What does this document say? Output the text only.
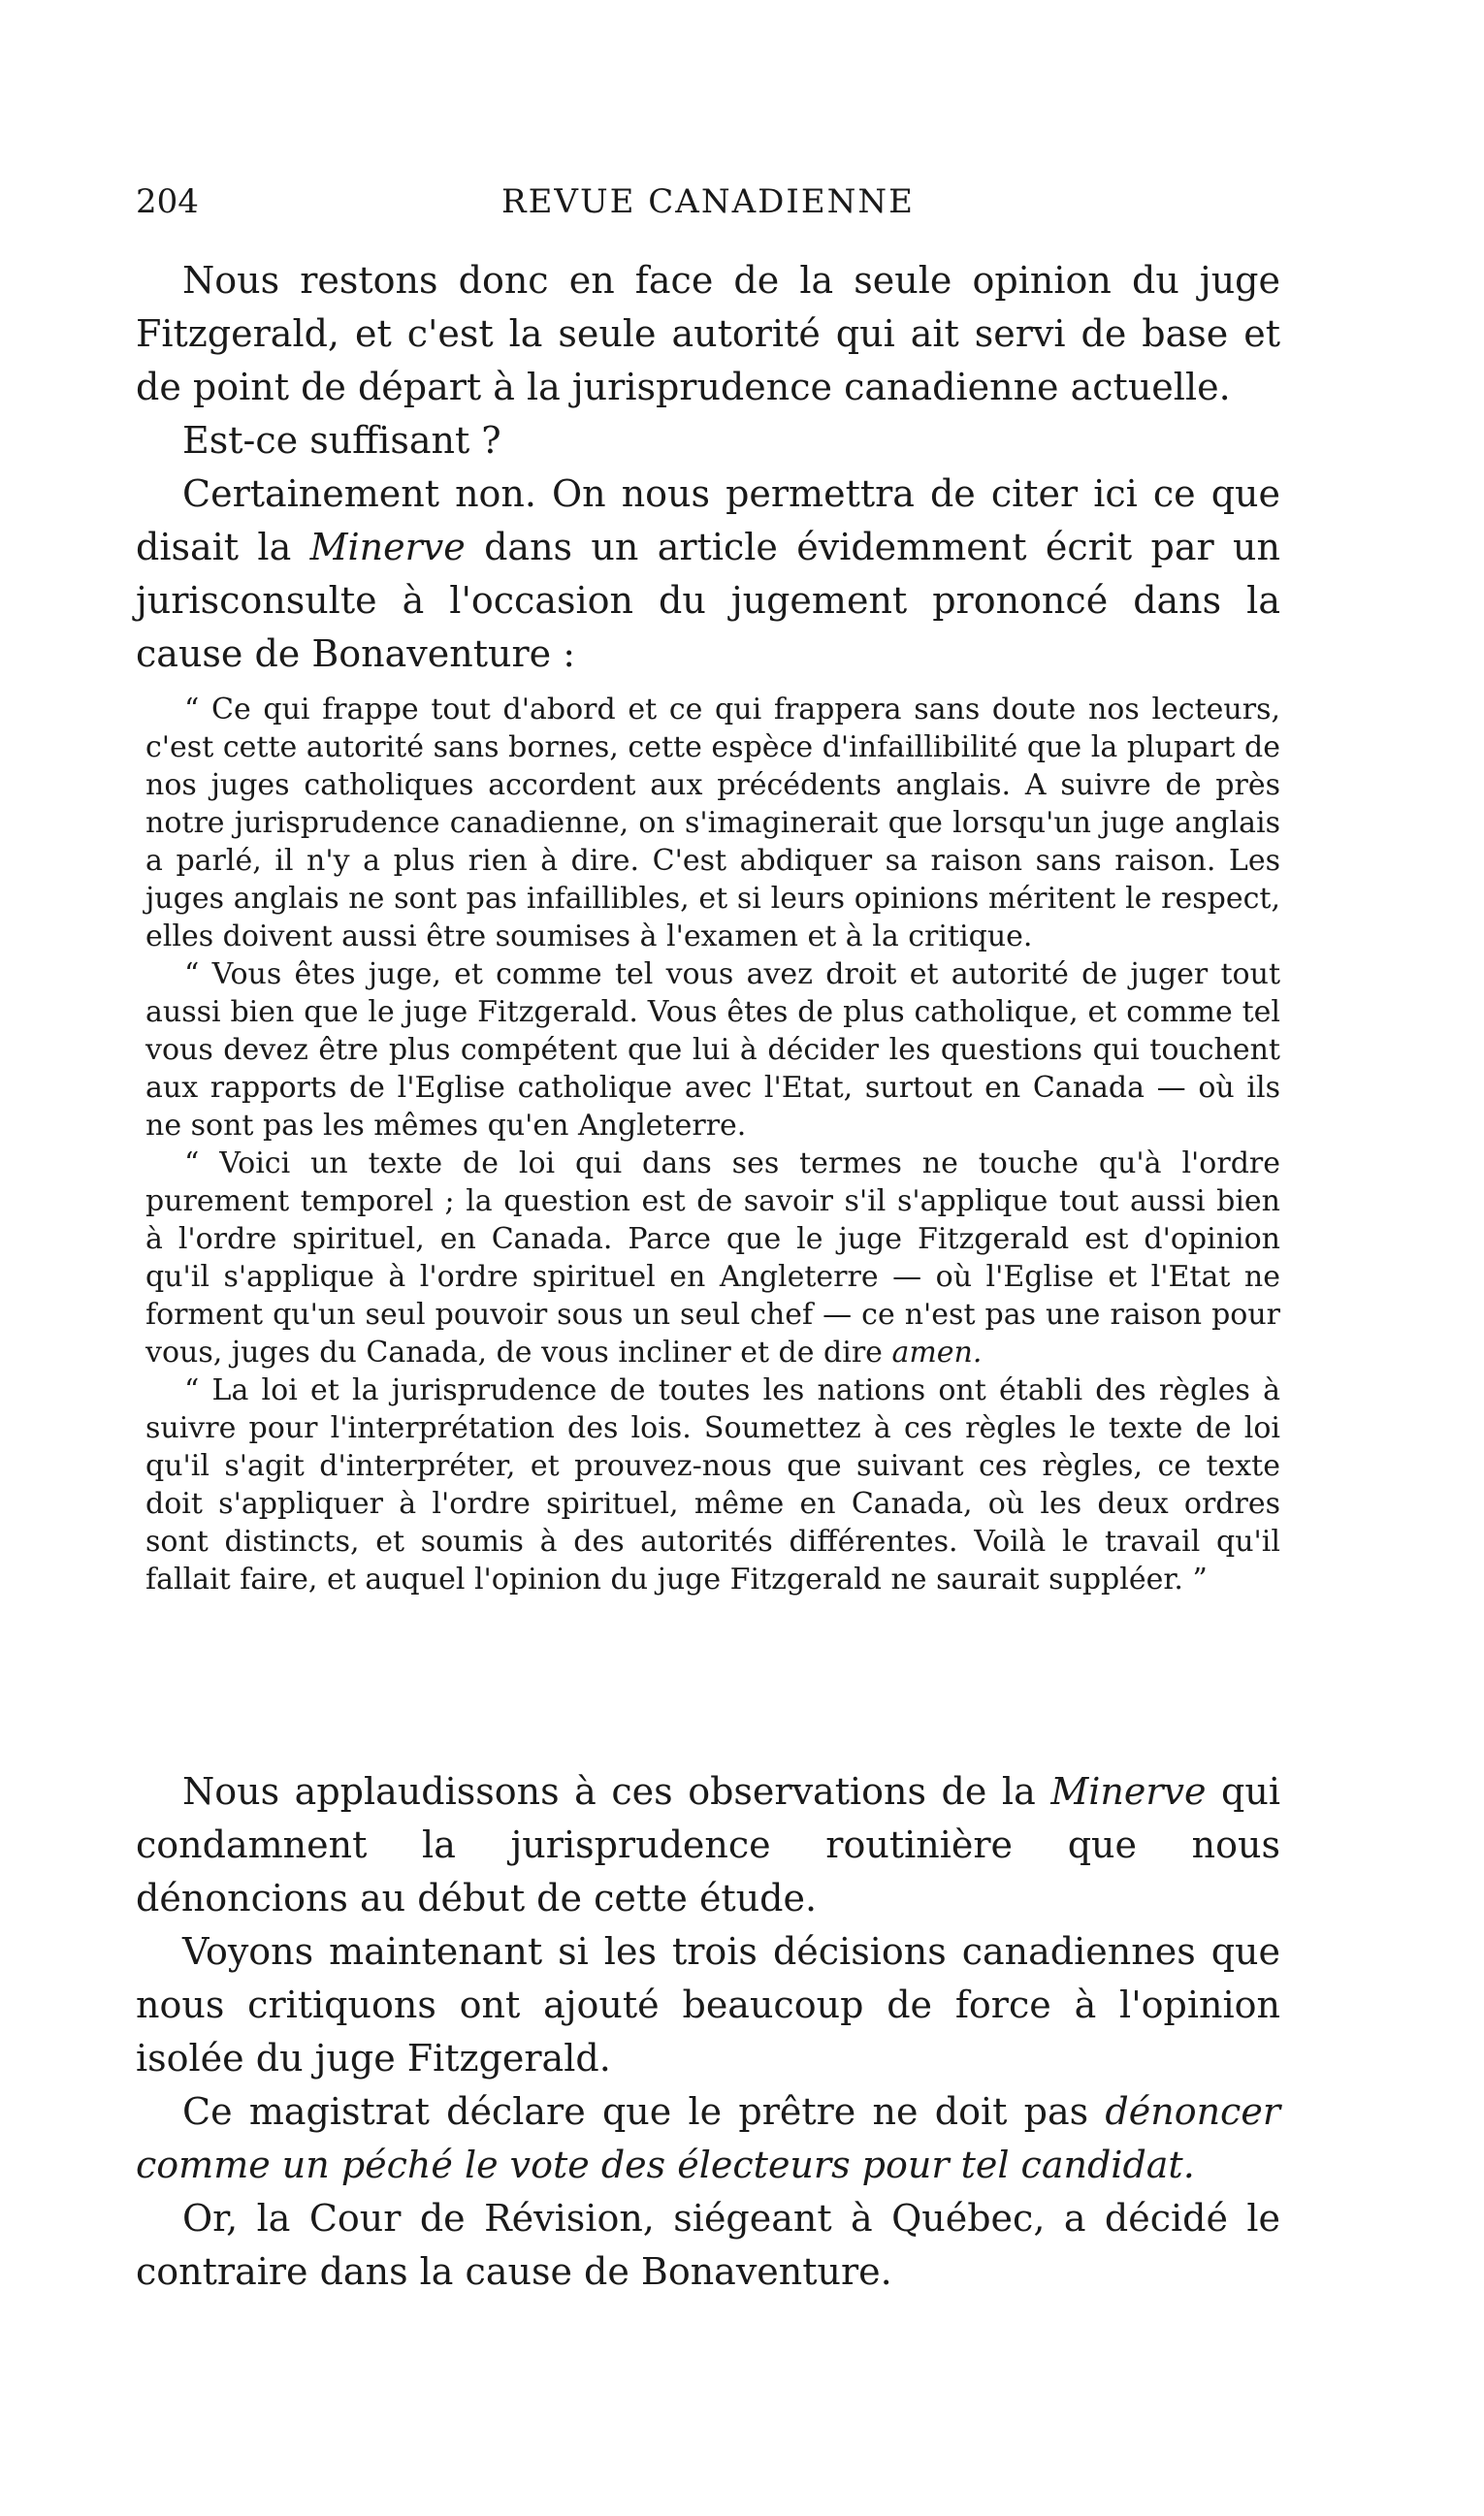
204	REVUE CANADIENNE

Nous restons donc en face de la seule opinion du juge Fitzgerald, et c'est la seule autorité qui ait servi de base et de point de départ à la jurisprudence canadienne actuelle.

Est-ce suffisant ?

Certainement non. On nous permettra de citer ici ce que disait la Minerve dans un article évidemment écrit par un jurisconsulte à l'occasion du jugement prononcé dans la cause de Bonaventure :

“ Ce qui frappe tout d'abord et ce qui frappera sans doute nos lecteurs, c'est cette autorité sans bornes, cette espèce d'infaillibilité que la plupart de nos juges catholiques accordent aux précédents anglais. A suivre de près notre jurisprudence canadienne, on s'imaginerait que lorsqu'un juge anglais a parlé, il n'y a plus rien à dire. C'est abdiquer sa raison sans raison. Les juges anglais ne sont pas infaillibles, et si leurs opinions méritent le respect, elles doivent aussi être soumises à l'examen et à la critique.

“ Vous êtes juge, et comme tel vous avez droit et autorité de juger tout aussi bien que le juge Fitzgerald. Vous êtes de plus catholique, et comme tel vous devez être plus compétent que lui à décider les questions qui touchent aux rapports de l'Eglise catholique avec l'Etat, surtout en Canada — où ils ne sont pas les mêmes qu'en Angleterre.

“ Voici un texte de loi qui dans ses termes ne touche qu'à l'ordre purement temporel ; la question est de savoir s'il s'applique tout aussi bien à l'ordre spirituel, en Canada. Parce que le juge Fitzgerald est d'opinion qu'il s'applique à l'ordre spirituel en Angleterre — où l'Eglise et l'Etat ne forment qu'un seul pouvoir sous un seul chef — ce n'est pas une raison pour vous, juges du Canada, de vous incliner et de dire amen.

“ La loi et la jurisprudence de toutes les nations ont établi des règles à suivre pour l'interprétation des lois. Soumettez à ces règles le texte de loi qu'il s'agit d'interpréter, et prouvez-nous que suivant ces règles, ce texte doit s'appliquer à l'ordre spirituel, même en Canada, où les deux ordres sont distincts, et soumis à des autorités différentes. Voilà le travail qu'il fallait faire, et auquel l'opinion du juge Fitzgerald ne saurait suppléer. ”

Nous applaudissons à ces observations de la Minerve qui condamnent la jurisprudence routinière que nous dénoncions au début de cette étude.

Voyons maintenant si les trois décisions canadiennes que nous critiquons ont ajouté beaucoup de force à l'opinion isolée du juge Fitzgerald.

Ce magistrat déclare que le prêtre ne doit pas dénoncer comme un péché le vote des électeurs pour tel candidat.

Or, la Cour de Révision, siégeant à Québec, a décidé le contraire dans la cause de Bonaventure.
